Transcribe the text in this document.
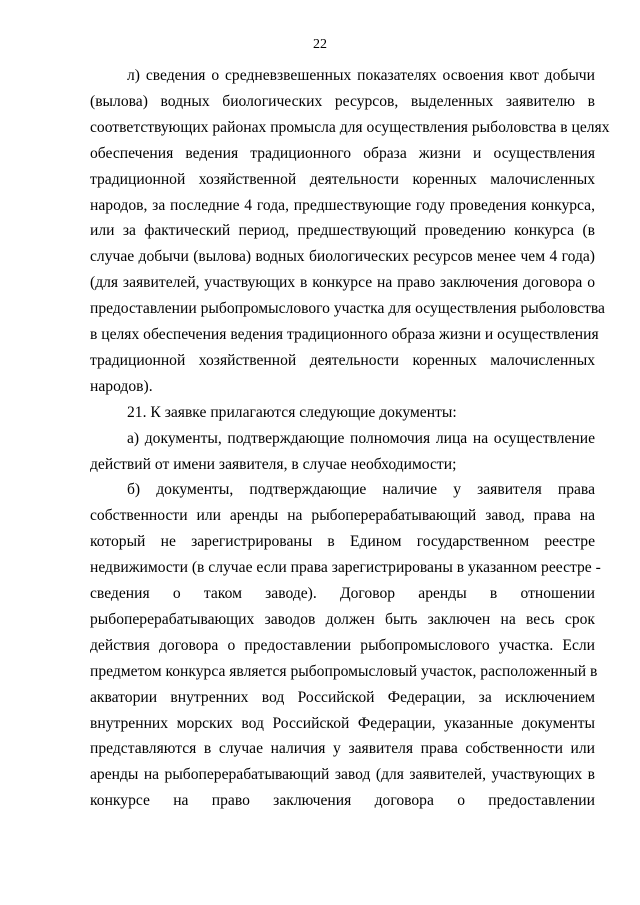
22
л) сведения о средневзвешенных показателях освоения квот добычи
(вылова) водных биологических ресурсов, выделенных заявителю в
соответствующих районах промысла для осуществления рыболовства в целях
обеспечения ведения традиционного образа жизни и осуществления
традиционной хозяйственной деятельности коренных малочисленных
народов, за последние 4 года, предшествующие году проведения конкурса,
или за фактический период, предшествующий проведению конкурса (в
случае добычи (вылова) водных биологических ресурсов менее чем 4 года)
(для заявителей, участвующих в конкурсе на право заключения договора о
предоставлении рыбопромыслового участка для осуществления рыболовства
в целях обеспечения ведения традиционного образа жизни и осуществления
традиционной хозяйственной деятельности коренных малочисленных
народов).
21. К заявке прилагаются следующие документы:
а) документы, подтверждающие полномочия лица на осуществление
действий от имени заявителя, в случае необходимости;
б) документы, подтверждающие наличие у заявителя права
собственности или аренды на рыбоперерабатывающий завод, права на
который не зарегистрированы в Едином государственном реестре
недвижимости (в случае если права зарегистрированы в указанном реестре -
сведения о таком заводе). Договор аренды в отношении
рыбоперерабатывающих заводов должен быть заключен на весь срок
действия договора о предоставлении рыбопромыслового участка. Если
предметом конкурса является рыбопромысловый участок, расположенный в
акватории внутренних вод Российской Федерации, за исключением
внутренних морских вод Российской Федерации, указанные документы
представляются в случае наличия у заявителя права собственности или
аренды на рыбоперерабатывающий завод (для заявителей, участвующих в
конкурсе на право заключения договора о предоставлении
